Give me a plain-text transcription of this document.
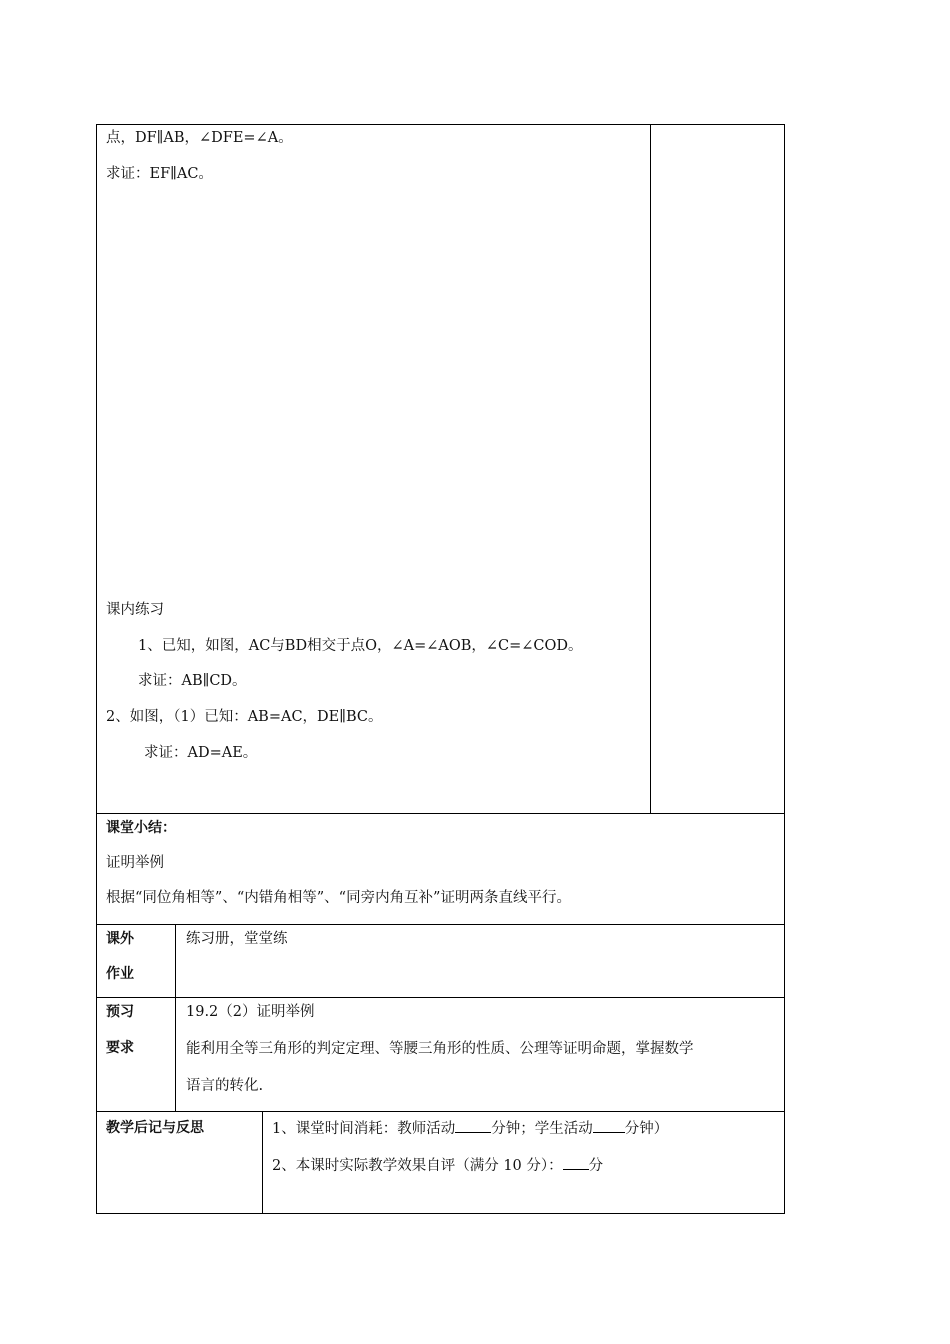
点，DF∥AB，∠DFE=∠A。
求证：EF∥AC。
课内练习
1、已知，如图，AC与BD相交于点O，∠A=∠AOB，∠C=∠COD。
求证：AB∥CD。
2、如图，（1）已知：AB=AC，DE∥BC。
求证：AD=AE。
课堂小结：
证明举例
根据“同位角相等”、“内错角相等”、“同旁内角互补”证明两条直线平行。
课外
作业
练习册，堂堂练
预习
要求
19.2（2）证明举例
能利用全等三角形的判定定理、等腰三角形的性质、公理等证明命题，掌握数学
语言的转化.
教学后记与反思	1、课堂时间消耗：教师活动 分钟；学生活动 分钟）
2、本课时实际教学效果自评（满分 10 分）： 分
